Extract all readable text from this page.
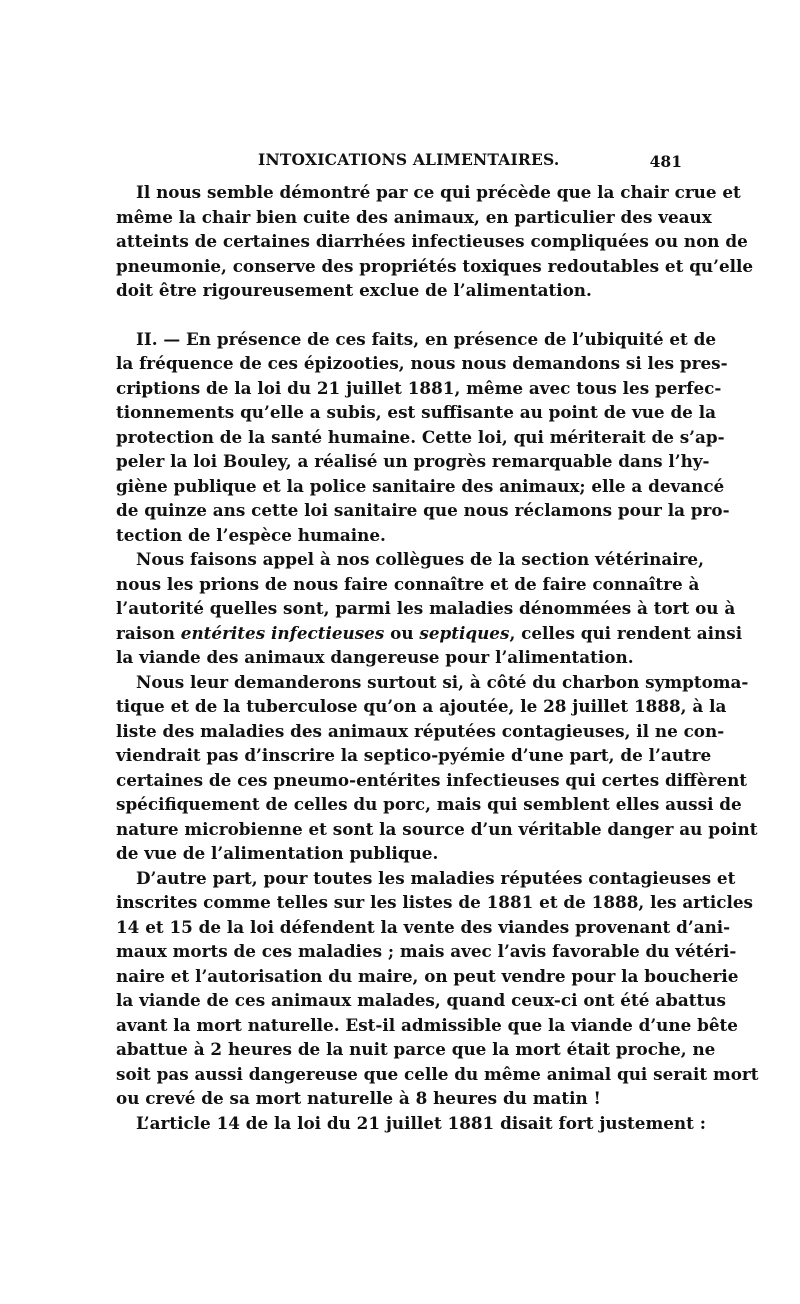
INTOXICATIONS ALIMENTAIRES.	481
Il nous semble démontré par ce qui précède que la chair crue et
même la chair bien cuite des animaux, en particulier des veaux
atteints de certaines diarrhées infectieuses compliquées ou non de
pneumonie, conserve des propriétés toxiques redoutables et qu’elle
doit être rigoureusement exclue de l’alimentation.
II. — En présence de ces faits, en présence de l’ubiquité et de
la fréquence de ces épizooties, nous nous demandons si les pres-
criptions de la loi du 21 juillet 1881, même avec tous les perfec-
tionnements qu’elle a subis, est suffisante au point de vue de la
protection de la santé humaine. Cette loi, qui mériterait de s’ap-
peler la loi Bouley, a réalisé un progrès remarquable dans l’hy-
giène publique et la police sanitaire des animaux; elle a devancé
de quinze ans cette loi sanitaire que nous réclamons pour la pro-
tection de l’espèce humaine.
Nous faisons appel à nos collègues de la section vétérinaire,
nous les prions de nous faire connaître et de faire connaître à
l’autorité quelles sont, parmi les maladies dénommées à tort ou à
raison entérites infectieuses ou septiques, celles qui rendent ainsi
la viande des animaux dangereuse pour l’alimentation.
Nous leur demanderons surtout si, à côté du charbon symptoma-
tique et de la tuberculose qu’on a ajoutée, le 28 juillet 1888, à la
liste des maladies des animaux réputées contagieuses, il ne con-
viendrait pas d’inscrire la septico-pyémie d’une part, de l’autre
certaines de ces pneumo-entérites infectieuses qui certes diffèrent
spécifiquement de celles du porc, mais qui semblent elles aussi de
nature microbienne et sont la source d’un véritable danger au point
de vue de l’alimentation publique.
D’autre part, pour toutes les maladies réputées contagieuses et
inscrites comme telles sur les listes de 1881 et de 1888, les articles
14 et 15 de la loi défendent la vente des viandes provenant d’ani-
maux morts de ces maladies ; mais avec l’avis favorable du vétéri-
naire et l’autorisation du maire, on peut vendre pour la boucherie
la viande de ces animaux malades, quand ceux-ci ont été abattus
avant la mort naturelle. Est-il admissible que la viande d’une bête
abattue à 2 heures de la nuit parce que la mort était proche, ne
soit pas aussi dangereuse que celle du même animal qui serait mort
ou crevé de sa mort naturelle à 8 heures du matin !
L’article 14 de la loi du 21 juillet 1881 disait fort justement :
